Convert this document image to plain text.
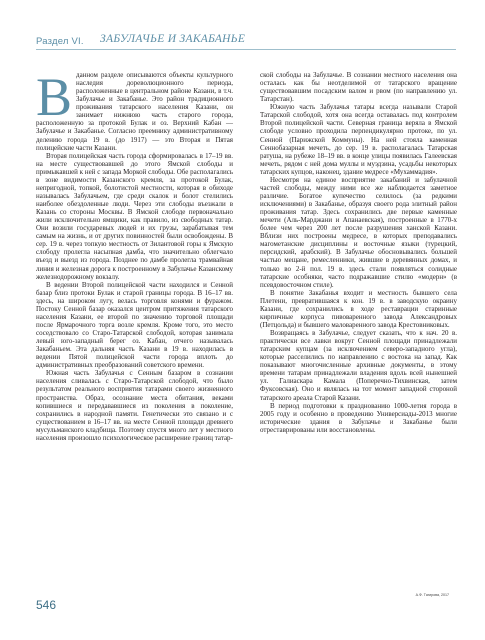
Раздел VI. ЗАБУЛАЧЬЕ И ЗАКАБАНЬЕ

Вданном разделе описываются объекты культурного наследия дореволюционного периода, расположенные в центральном районе Казани, в т.ч. Забулачье и Закабанье. Это район традиционного проживания татарского населения Казани, он занимает нижнюю часть старого города, расположенную за протокой Булак и оз. Верхний Кабан — Забулачье и Закабанье. Согласно преемнику административному делению города 19 в. (до 1917) — это Вторая и Пятая полицейские части Казани.

Вторая полицейская часть города сформировалась в 17–19 вв. на месте существовавшей до этого Ямской слободы и примыкавшей к ней с запада Моркой слободы. Обе располагались в зоне видимости Казанского кремля, за протокой Булак, непригодной, топкой, болотистой местности, которая в обиходе называлась Забулачьем, где среди скалок и болот стелились наиболее обездоленные люди. Через эти слободы въезжали в Казань со стороны Москвы. В Ямской слободе первоначально жили исключительно ямщики, как правило, из свободных татар. Они возили государевых людей и их грузы, зарабатывая тем самым на жизнь, и от других повинностей были освобождены. В сер. 19 в. через топкую местность от Зилантовой горы к Ямскую слободу пролегла насыпная дамба, что значительно облегчало въезд и выезд из города. Позднее по дамбе пролегла трамвайная линия и железная дорога к построенному в Забулачье Казанскому железнодорожному вокзалу.

В ведении Второй полицейской части находился и Сенной базар близ протоки Булак и старой границы города. В 16–17 вв. здесь, на широком лугу, велась торговля конями и фуражом. Постоку Сенной базар оказался центром притяжения татарского населения Казани, ее второй по значению торговой площади после Ярмарочного торга возле кремля. Кроме того, это место соседствовало со Старо-Татарской слободой, которая занимала левый юго-западный берег оз. Кабан, отчего называлась Закабаньем. Эта дальняя часть Казани в 19 в. находилась в ведении Пятой полицейской части города вплоть до административных преобразований советского времени.

Южная часть Забулачья с Сенным базаром в сознании населения сливалась с Старо-Татарской слободой, что было результатом реального восприятия татарами своего жизненного пространства. Образ, осознание места обитания, веками копившиеся и передававшиеся из поколения в поколение, сохранились в народной памяти. Генетически это связано и с существованием в 16–17 вв. на месте Сенной площади древнего мусульманского кладбища. Поэтому спустя много лет у местного населения произошло психологическое расширение границ татар-

ской слободы на Забулачье. В сознании местного населения она осталась как бы неотделимой от татарского вращение существовавшим посадским валом и рвом (по направлению ул. Татарстан).

Южную часть Забулачья татары всегда называли Старой Татарской слободой, хотя она всегда оставалась под контролем Второй полицейской части. Северная граница веряла в Ямской слободе условно проходила перпендикулярно протоке, по ул. Сенной (Парижской Коммуны). На ней стояла каменная Сеннобазарная мечеть, до сер. 19 в. располагалась Татарская ратуша, на рубеже 18–19 вв. в конце улицы появилась Галеевская мечеть, рядом с ней дома муллы и муэдзина, усадьбы некоторых татарских купцов, наконец, здание медресе «Мухаммадия».

Несмотря на единое восприятие закабаний и забулачной частей слободы, между ними все же наблюдается заметное различие. Богатое купечество селилось (за редкими исключениями) в Закабанье, образуя своего рода элитный район проживания татар. Здесь сохранились две первые каменные мечети (Аль-Марджани и Апанаевская), построенные в 1770-х более чем через 200 лет после разрушения ханской Казани. Вблизи них построены медресе, в которых преподавались магометанские дисциплины и восточные языки (турецкий, персидский, арабский). В Забулачье обосновывались большей частью мещане, ремесленники, жившие в деревянных домах, и только во 2-й пол. 19 в. здесь стали появляться солидные татарские особняки, часто подражавшие стилю «модерн» (в псевдовосточном стиле).

В понятие Закабанья входит и местность бывшего села Плетени, превратившаяся к кон. 19 в. в заводскую окраину Казани, где сохранились в ходе реставрации старинные кирпичные корпуса пивоваренного завода Александровых (Петцольда) и бывшего маловаренного завода Крестовниковых.

Возвращаясь в Забулачье, следует сказать, что к нач. 20 в. практически все лавки вокруг Сенной площади принадлежали татарским купцам (за исключением северо-западного угла), которые расселились по направлению с востока на запад. Как показывают многочисленные архивные документы, в этому времени татарам принадлежали владения вдоль всей нынешней ул. Галиаскара Камала (Поперечно-Тихвинская, затем Фуксовская). Оно и являлась на тот момент западной стороной татарского ареала Старой Казани.

В период подготовки к празднованию 1000-летия города в 2005 году и особенно в проведению Универсиады-2013 многие исторические здания в Забулачье и Закабанье были отреставрированы или восстановлены.

А.Ф. Тагирова, 2017
546
